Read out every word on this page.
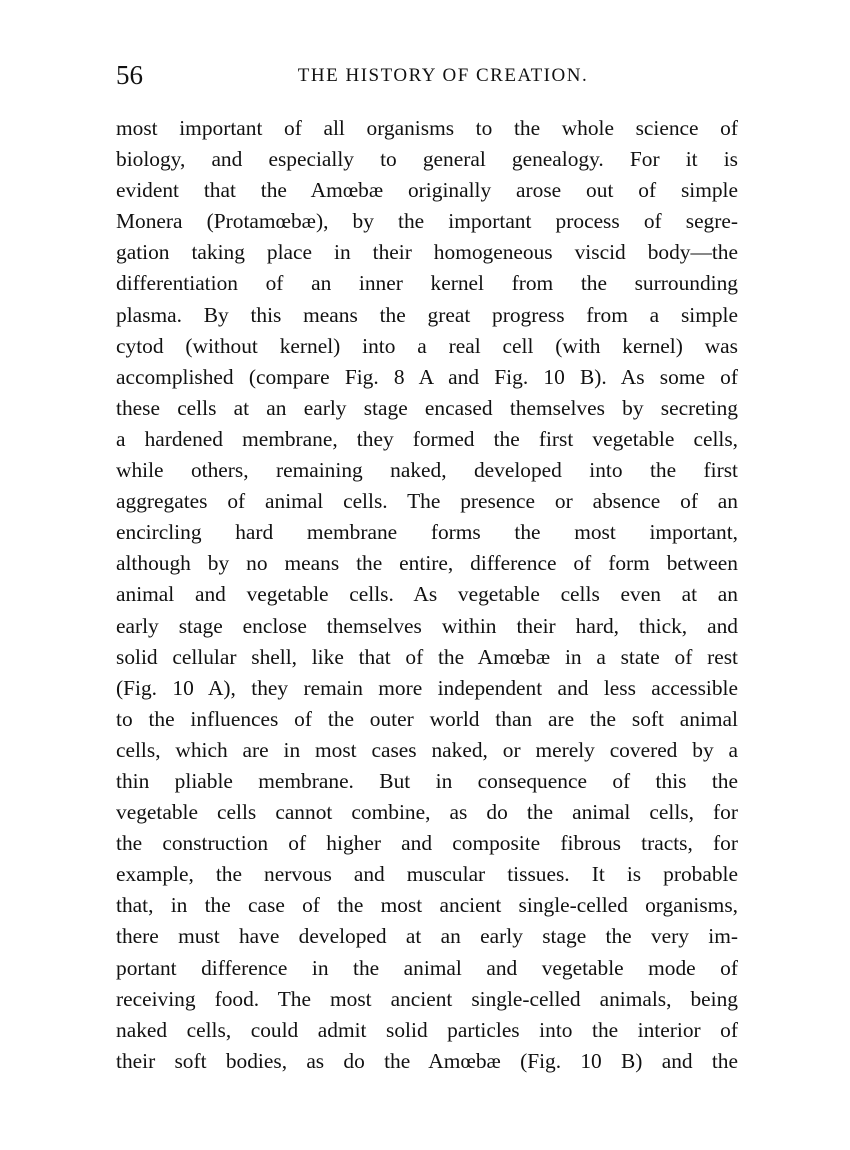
56	THE HISTORY OF CREATION.
most important of all organisms to the whole science of
biology, and especially to general genealogy. For it is
evident that the Amœbæ originally arose out of simple
Monera (Protamœbæ), by the important process of segre-
gation taking place in their homogeneous viscid body—the
differentiation of an inner kernel from the surrounding
plasma. By this means the great progress from a simple
cytod (without kernel) into a real cell (with kernel) was
accomplished (compare Fig. 8 A and Fig. 10 B). As some of
these cells at an early stage encased themselves by secreting
a hardened membrane, they formed the first vegetable cells,
while others, remaining naked, developed into the first
aggregates of animal cells. The presence or absence of an
encircling hard membrane forms the most important,
although by no means the entire, difference of form between
animal and vegetable cells. As vegetable cells even at an
early stage enclose themselves within their hard, thick, and
solid cellular shell, like that of the Amœbæ in a state of rest
(Fig. 10 A), they remain more independent and less accessible
to the influences of the outer world than are the soft animal
cells, which are in most cases naked, or merely covered by a
thin pliable membrane. But in consequence of this the
vegetable cells cannot combine, as do the animal cells, for
the construction of higher and composite fibrous tracts, for
example, the nervous and muscular tissues. It is probable
that, in the case of the most ancient single-celled organisms,
there must have developed at an early stage the very im-
portant difference in the animal and vegetable mode of
receiving food. The most ancient single-celled animals, being
naked cells, could admit solid particles into the interior of
their soft bodies, as do the Amœbæ (Fig. 10 B) and the
